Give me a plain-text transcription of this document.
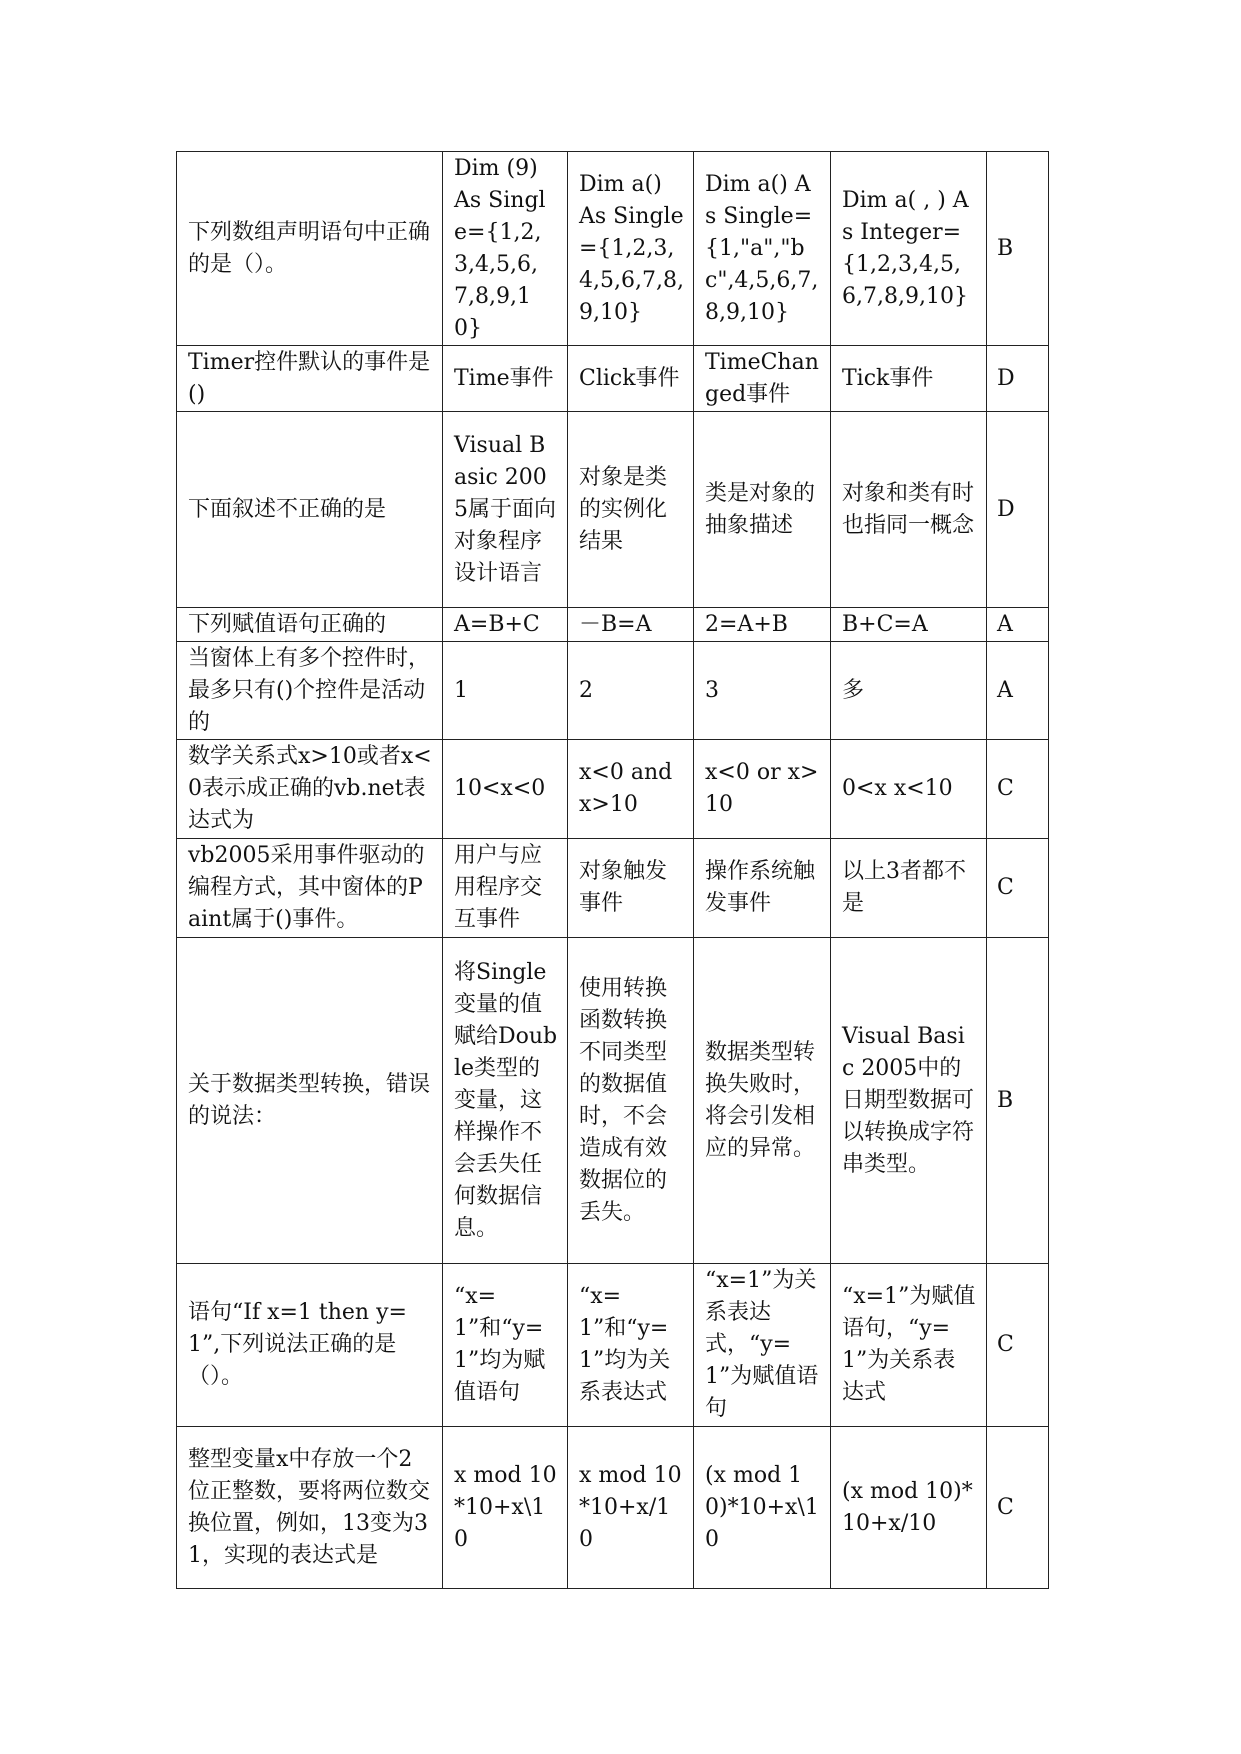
下列数组声明语句中正确的是（）。	Dim (9) As Single={1,2,3,4,5,6,7,8,9,10}	Dim a() As Single={1,2,3,4,5,6,7,8,9,10}	Dim a() As Single={1,"a","bc",4,5,6,7,8,9,10}	Dim a( , ) As Integer={1,2,3,4,5,6,7,8,9,10}	B
Timer控件默认的事件是()	Time事件	Click事件	TimeChanged事件	Tick事件	D
下面叙述不正确的是	Visual Basic 2005属于面向对象程序设计语言	对象是类的实例化结果	类是对象的抽象描述	对象和类有时也指同一概念	D
下列赋值语句正确的	A=B+C	－B=A	2=A+B	B+C=A	A
当窗体上有多个控件时，最多只有()个控件是活动的	1	2	3	多	A
数学关系式x>10或者x<0表示成正确的vb.net表达式为	10<x<0	x<0 and x>10	x<0 or x>10	0<x x<10	C
vb2005采用事件驱动的编程方式，其中窗体的Paint属于()事件。	用户与应用程序交互事件	对象触发事件	操作系统触发事件	以上3者都不是	C
关于数据类型转换，错误的说法：	将Single变量的值赋给Double类型的变量，这样操作不会丢失任何数据信息。	使用转换函数转换不同类型的数据值时，不会造成有效数据位的丢失。	数据类型转换失败时，将会引发相应的异常。	Visual Basic 2005中的日期型数据可以转换成字符串类型。	B
语句“If x=1 then y=1”,下列说法正确的是（）。	“x=1”和“y=1”均为赋值语句	“x=1”和“y=1”均为关系表达式	“x=1”为关系表达式，“y=1”为赋值语句	“x=1”为赋值语句，“y=1”为关系表达式	C
整型变量x中存放一个2位正整数，要将两位数交换位置，例如，13变为31，实现的表达式是	x mod 10*10+x\10	x mod 10*10+x/10	(x mod 10)*10+x\10	(x mod 10)*10+x/10	C
